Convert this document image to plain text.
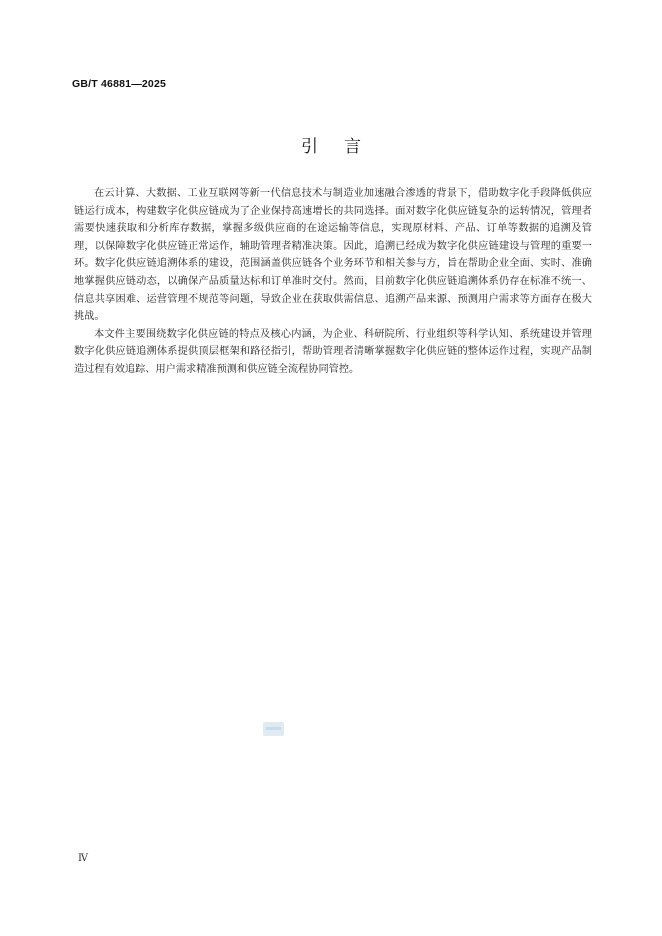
GB/T 46881—2025
引言

在云计算、大数据、工业互联网等新一代信息技术与制造业加速融合渗透的背景下，借助数字化手段降低供应链运行成本，构建数字化供应链成为了企业保持高速增长的共同选择。面对数字化供应链复杂的运转情况，管理者需要快速获取和分析库存数据，掌握多级供应商的在途运输等信息，实现原材料、产品、订单等数据的追溯及管理，以保障数字化供应链正常运作，辅助管理者精准决策。因此，追溯已经成为数字化供应链建设与管理的重要一环。数字化供应链追溯体系的建设，范围涵盖供应链各个业务环节和相关参与方，旨在帮助企业全面、实时、准确地掌握供应链动态，以确保产品质量达标和订单准时交付。然而，目前数字化供应链追溯体系仍存在标准不统一、信息共享困难、运营管理不规范等问题，导致企业在获取供需信息、追溯产品来源、预测用户需求等方面存在极大挑战。

本文件主要围绕数字化供应链的特点及核心内涵，为企业、科研院所、行业组织等科学认知、系统建设并管理数字化供应链追溯体系提供顶层框架和路径指引，帮助管理者清晰掌握数字化供应链的整体运作过程，实现产品制造过程有效追踪、用户需求精准预测和供应链全流程协同管控。

Ⅳ
